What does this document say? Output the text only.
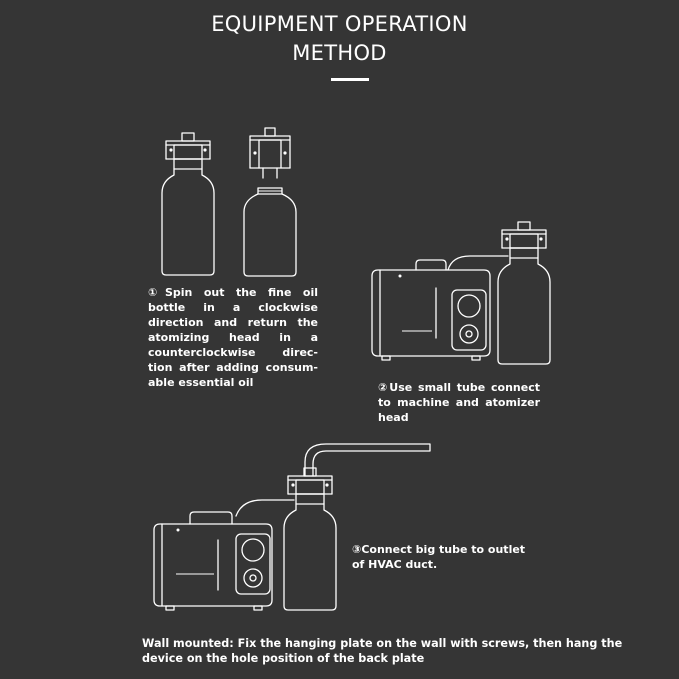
EQUIPMENT OPERATION
METHOD

①Spin out the fine oil bottle in a clockwise direction and return the atomizing head in a counterclockwise direc-tion after adding consum-able essential oil	②Use small tube connect to machine and atomizer head

③Connect big tube to outlet
of HVAC duct.

Wall mounted: Fix the hanging plate on the wall with screws, then hang the device on the hole position of the back plate
